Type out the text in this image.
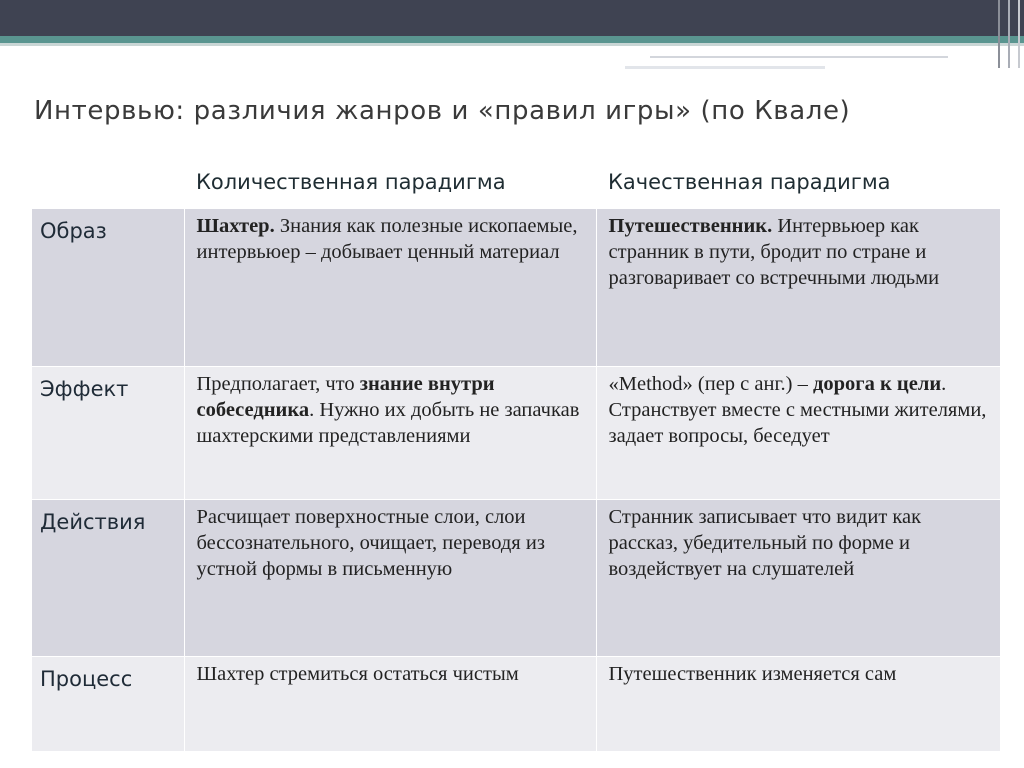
Интервью: различия жанров и «правил игры» (по Квале)
	Количественная парадигма	Качественная парадигма
Образ	Шахтер. Знания как полезные ископаемые, интервьюер – добывает ценный материал	Путешественник. Интервьюер как странник в пути, бродит по стране и разговаривает со встречными людьми
Эффект	Предполагает, что знание внутри собеседника. Нужно их добыть не запачкав шахтерскими представлениями	«Method» (пер с анг.) – дорога к цели. Странствует вместе с местными жителями, задает вопросы, беседует
Действия	Расчищает поверхностные слои, слои бессознательного, очищает, переводя из устной формы в письменную	Странник записывает что видит как рассказ, убедительный по форме и воздействует на слушателей
Процесс	Шахтер стремиться остаться чистым	Путешественник изменяется сам
